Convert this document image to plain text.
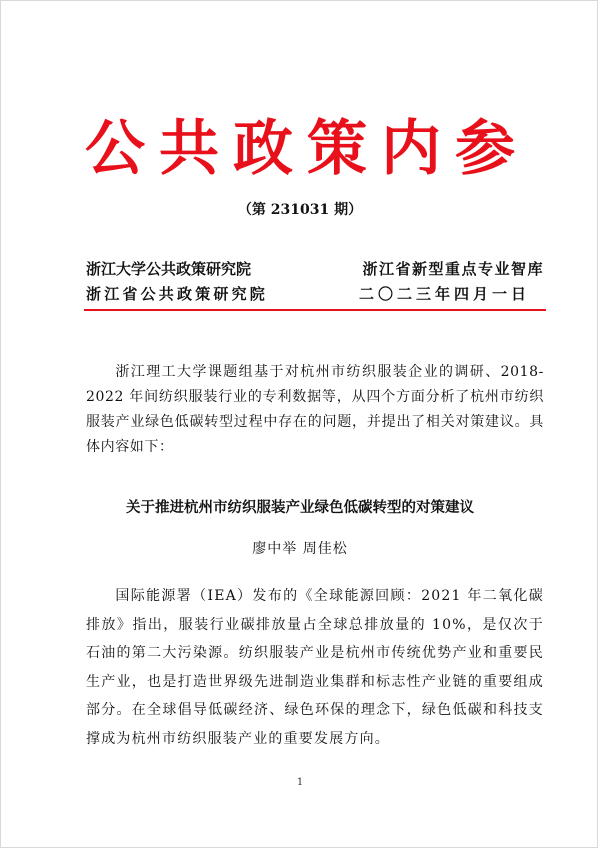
公共政策内参
（第 231031 期）
浙江大学公共政策研究院	浙江省新型重点专业智库
浙江省公共政策研究院	二〇二三年四月一日

浙江理工大学课题组基于对杭州市纺织服装企业的调研、2018-2022 年间纺织服装行业的专利数据等，从四个方面分析了杭州市纺织服装产业绿色低碳转型过程中存在的问题，并提出了相关对策建议。具体内容如下：

关于推进杭州市纺织服装产业绿色低碳转型的对策建议
廖中举 周佳松

国际能源署（IEA）发布的《全球能源回顾：2021 年二氧化碳排放》指出，服装行业碳排放量占全球总排放量的 10%，是仅次于石油的第二大污染源。纺织服装产业是杭州市传统优势产业和重要民生产业，也是打造世界级先进制造业集群和标志性产业链的重要组成部分。在全球倡导低碳经济、绿色环保的理念下，绿色低碳和科技支撑成为杭州市纺织服装产业的重要发展方向。

1
